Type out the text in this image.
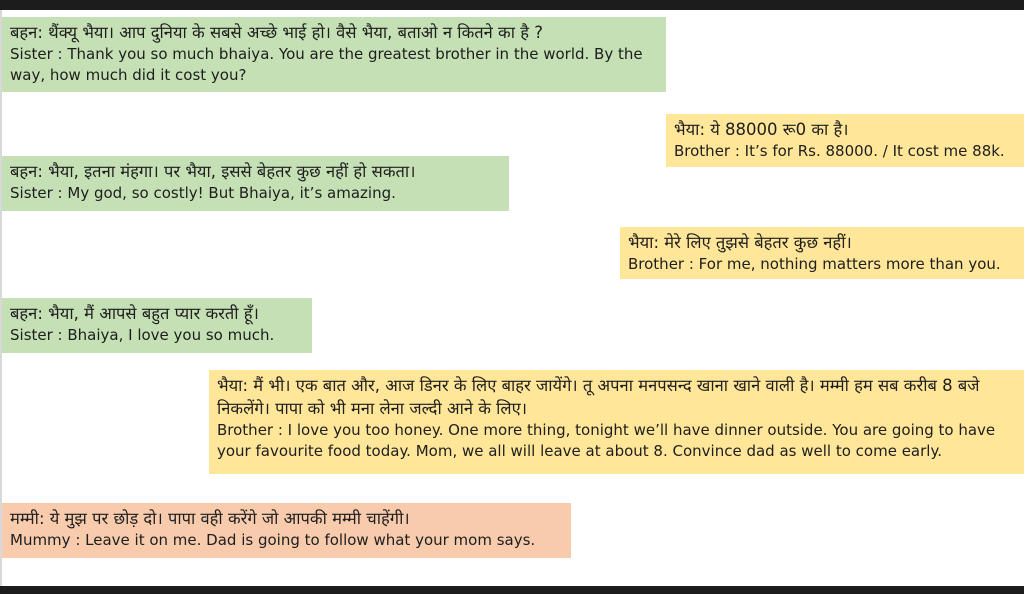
बहन: थैंक्यू भैया। आप दुनिया के सबसे अच्छे भाई हो। वैसे भैया, बताओ न कितने का है ?
Sister : Thank you so much bhaiya. You are the greatest brother in the world. By the way, how much did it cost you?
भैया: ये 88000 रू0 का है।
Brother : It’s for Rs. 88000. / It cost me 88k.
बहन: भैया, इतना मंहगा। पर भैया, इससे बेहतर कुछ नहीं हो सकता।
Sister : My god, so costly! But Bhaiya, it’s amazing.
भैया: मेरे लिए तुझसे बेहतर कुछ नहीं।
Brother : For me, nothing matters more than you.
बहन: भैया, मैं आपसे बहुत प्यार करती हूँ।
Sister : Bhaiya, I love you so much.
भैया: मैं भी। एक बात और, आज डिनर के लिए बाहर जायेंगे। तू अपना मनपसन्द खाना खाने वाली है। मम्मी हम सब करीब 8 बजे निकलेंगे। पापा को भी मना लेना जल्दी आने के लिए।
Brother : I love you too honey. One more thing, tonight we’ll have dinner outside. You are going to have your favourite food today. Mom, we all will leave at about 8. Convince dad as well to come early.
मम्मी: ये मुझ पर छोड़ दो। पापा वही करेंगे जो आपकी मम्मी चाहेंगी।
Mummy : Leave it on me. Dad is going to follow what your mom says.
